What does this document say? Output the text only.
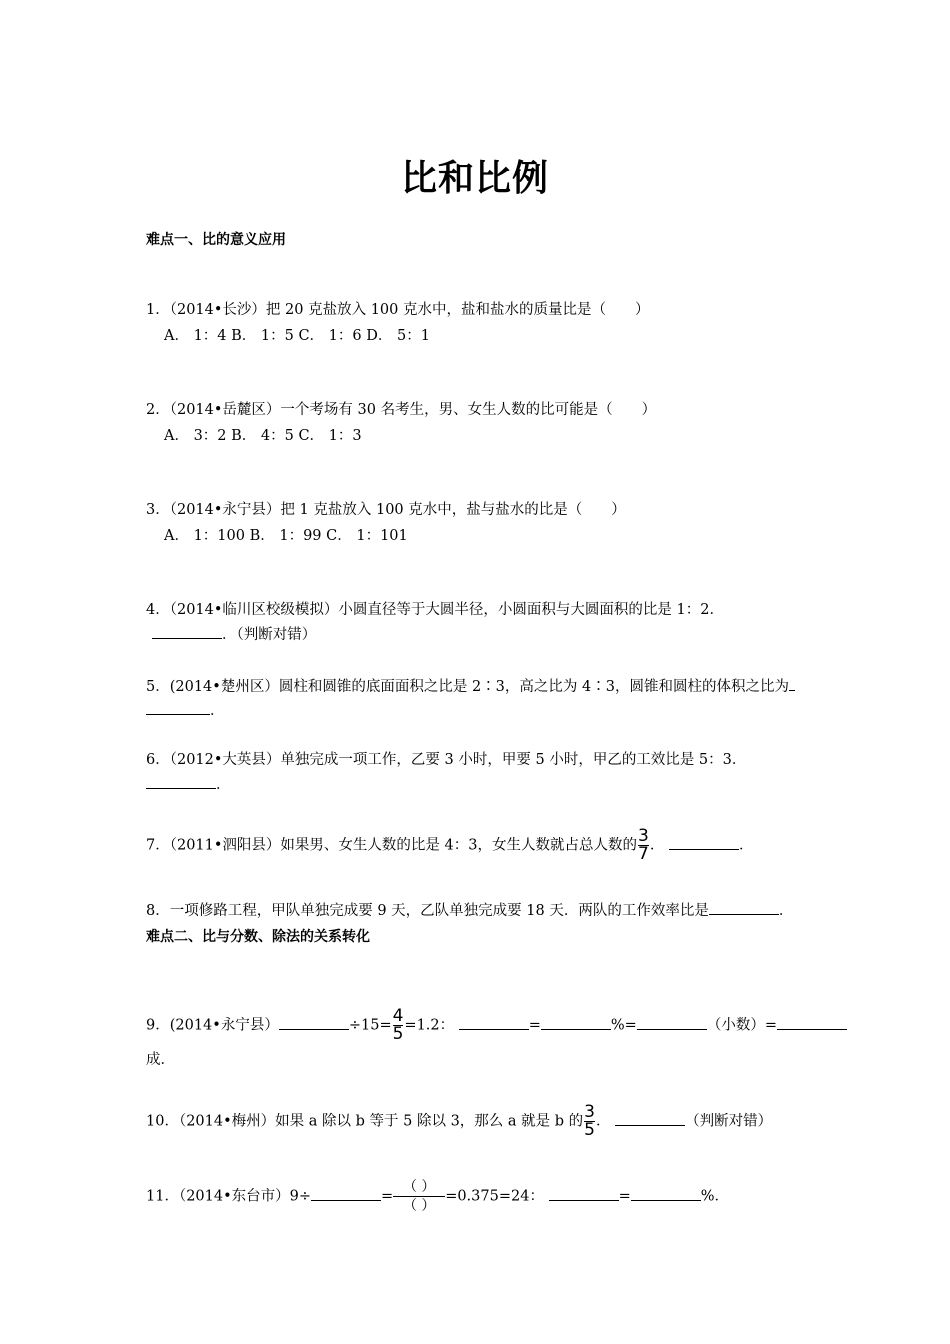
比和比例
难点一、比的意义应用
1．（2014•长沙）把 20 克盐放入 100 克水中，盐和盐水的质量比是（　　）
A． 1：4 B． 1：5 C． 1：6 D． 5：1
2．（2014•岳麓区）一个考场有 30 名考生，男、女生人数的比可能是（　　）
A． 3：2 B． 4：5 C． 1：3
3．（2014•永宁县）把 1 克盐放入 100 克水中，盐与盐水的比是（　　）
A． 1：100 B． 1：99 C． 1：101
4．（2014•临川区校级模拟）小圆直径等于大圆半径，小圆面积与大圆面积的比是 1：2．
．（判断对错）
5．(2014•楚州区）圆柱和圆锥的底面面积之比是 2∶3，高之比为 4∶3，圆锥和圆柱的体积之比为
．
6．（2012•大英县）单独完成一项工作，乙要 3 小时，甲要 5 小时，甲乙的工效比是 5：3．
．
7．（2011•泗阳县）如果男、女生人数的比是 4：3，女生人数就占总人数的 $\frac{3}{7}$ ．	．
8．一项修路工程，甲队单独完成要 9 天，乙队单独完成要 18 天．两队的工作效率比是	．
难点二、比与分数、除法的关系转化
9．(2014•永宁县）	$\div 15= \frac{4}{5} =1.2$：	=	%=	（小数）=
成．
10．（2014•梅州）如果 a 除以 b 等于 5 除以 3，那么 a 就是 b 的 $\frac{3}{5}$ ．	（判断对错）
11．（2014•东台市）9÷	= $\frac{( )}{( )} =0.375=24$：	=	%．
